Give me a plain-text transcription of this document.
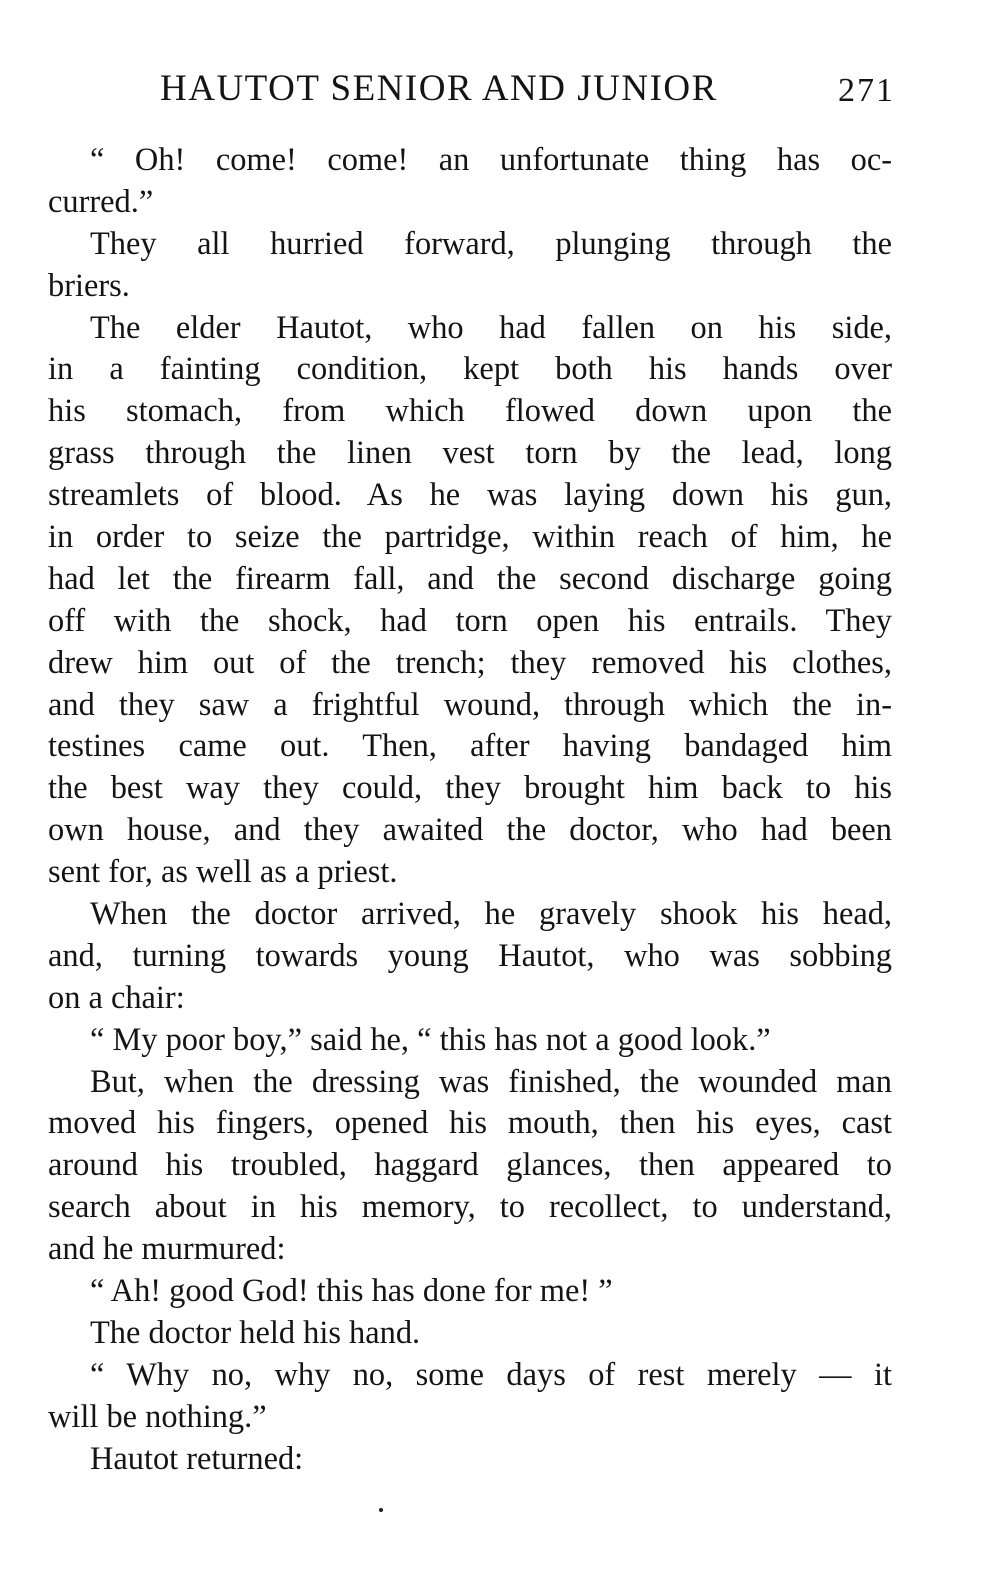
HAUTOT SENIOR AND JUNIOR	271
“ Oh! come! come! an unfortunate thing has oc-
curred.”
They all hurried forward, plunging through the
briers.
The elder Hautot, who had fallen on his side,
in a fainting condition, kept both his hands over
his stomach, from which flowed down upon the
grass through the linen vest torn by the lead, long
streamlets of blood. As he was laying down his gun,
in order to seize the partridge, within reach of him, he
had let the firearm fall, and the second discharge going
off with the shock, had torn open his entrails. They
drew him out of the trench; they removed his clothes,
and they saw a frightful wound, through which the in-
testines came out. Then, after having bandaged him
the best way they could, they brought him back to his
own house, and they awaited the doctor, who had been
sent for, as well as a priest.
When the doctor arrived, he gravely shook his head,
and, turning towards young Hautot, who was sobbing
on a chair:
“ My poor boy,” said he, “ this has not a good look.”
But, when the dressing was finished, the wounded man
moved his fingers, opened his mouth, then his eyes, cast
around his troubled, haggard glances, then appeared to
search about in his memory, to recollect, to understand,
and he murmured:
“ Ah! good God! this has done for me! ”
The doctor held his hand.
“ Why no, why no, some days of rest merely — it
will be nothing.”
Hautot returned:
